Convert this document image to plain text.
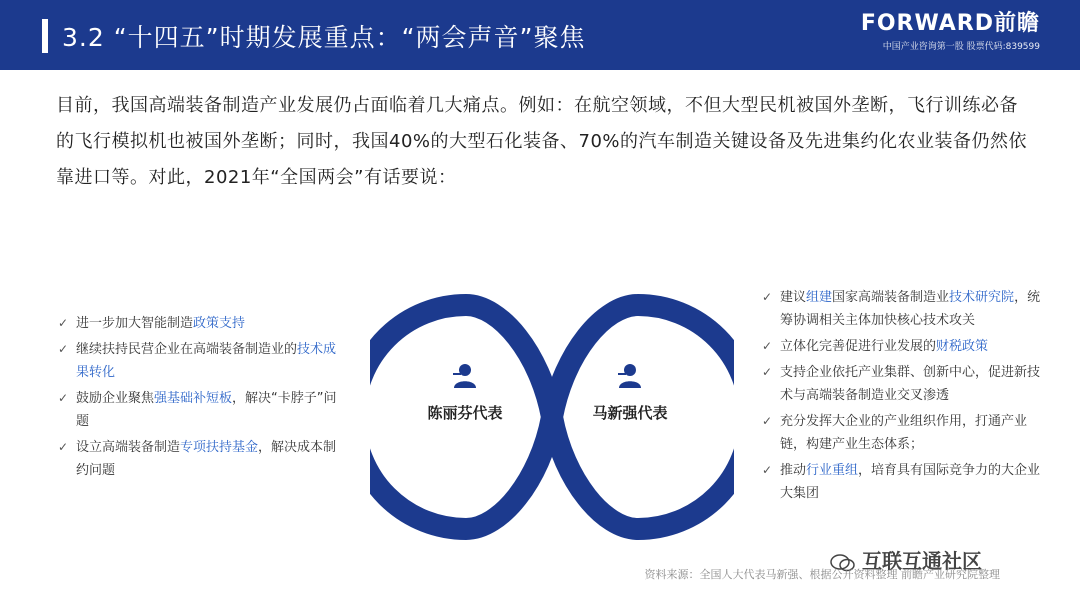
3.2 “十四五”时期发展重点：“两会声音”聚焦	FORWARD前瞻
中国产业咨询第一股 股票代码:839599
目前，我国高端装备制造产业发展仍占面临着几大痛点。例如：在航空领域，不但大型民机被国外垄断，飞行训练必备的飞行模拟机也被国外垄断；同时，我国40%的大型石化装备、70%的汽车制造关键设备及先进集约化农业装备仍然依靠进口等。对此，2021年“全国两会”有话要说：
✓ 进一步加大智能制造政策支持
✓ 继续扶持民营企业在高端装备制造业的技术成果转化
✓ 鼓励企业聚焦强基础补短板，解决“卡脖子”问题
✓ 设立高端装备制造专项扶持基金，解决成本制约问题
陈丽芬代表	马新强代表
✓ 建议组建国家高端装备制造业技术研究院，统筹协调相关主体加快核心技术攻关
✓ 立体化完善促进行业发展的财税政策
✓ 支持企业依托产业集群、创新中心，促进新技术与高端装备制造业交叉渗透
✓ 充分发挥大企业的产业组织作用，打通产业链，构建产业生态体系；
✓ 推动行业重组，培育具有国际竞争力的大企业大集团
互联互通社区
资料来源：全国人大代表马新强、根据公开资料整理 前瞻产业研究院整理
